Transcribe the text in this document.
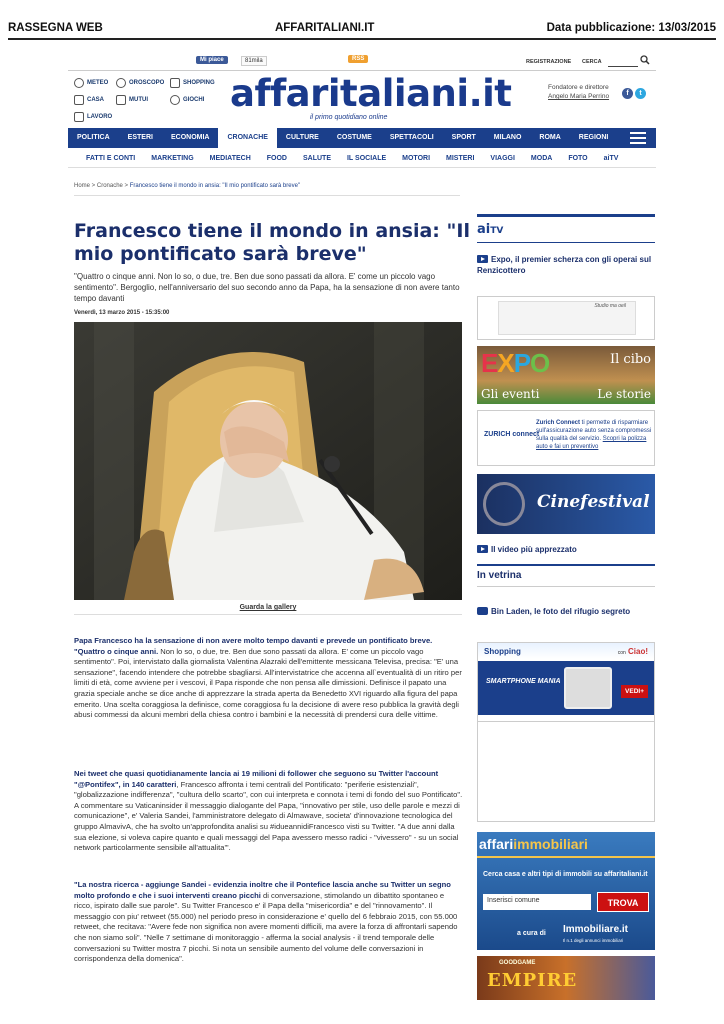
RASSEGNA WEB	AFFARITALIANI.IT	Data pubblicazione: 13/03/2015
Mi piace	81mila	RSS	REGISTRAZIONE CERCA
METEO	OROSCOPO	SHOPPING
CASA	MUTUI	GIOCHI
LAVORO
affaritaliani.it
il primo quotidiano online
Fondatore e direttore
Angelo Maria Perrino	f	t
POLITICA	ESTERI	ECONOMIA	CRONACHE	CULTURE	COSTUME	SPETTACOLI	SPORT	MILANO	ROMA	REGIONI
FATTI E CONTI	MARKETING	MEDIATECH	FOOD	SALUTE	IL SOCIALE	MOTORI	MISTERI	VIAGGI	MODA	FOTO	aiTV
Home > Cronache > Francesco tiene il mondo in ansia: "Il mio pontificato sarà breve"
Francesco tiene il mondo in ansia: "Il mio pontificato sarà breve"

"Quattro o cinque anni. Non lo so, o due, tre. Ben due sono passati da allora. E' come un piccolo vago sentimento". Bergoglio, nell'anniversario del suo secondo anno da Papa, ha la sensazione di non avere tanto tempo davanti

Venerdì, 13 marzo 2015 - 15:35:00
Guarda la gallery
Papa Francesco ha la sensazione di non avere molto tempo davanti e prevede un pontificato breve. "Quattro o cinque anni. Non lo so, o due, tre. Ben due sono passati da allora. E' come un piccolo vago sentimento". Poi, intervistato dalla giornalista Valentina Alazraki dell'emittente messicana Televisa, precisa: "E' una sensazione", facendo intendere che potrebbe sbagliarsi. All'intervistatrice che accenna all`eventualità di un ritiro per limiti di età, come avviene per i vescovi, il Papa risponde che non pensa alle dimissioni. Definisce il papato una grazia speciale anche se dice anche di apprezzare la strada aperta da Benedetto XVI riguardo alla figura del papa emerito. Una scelta coraggiosa la definisce, come coraggiosa fu la decisione di avere reso pubblica la gravità degli abusi commessi da alcuni membri della chiesa contro i bambini e la necessità di prendersi cura delle vittime.
Nei tweet che quasi quotidianamente lancia ai 19 milioni di follower che seguono su Twitter l'account "@Pontifex", in 140 caratteri, Francesco affronta i temi centrali del Pontificato: "periferie esistenziali", "globalizzazione indifferenza", "cultura dello scarto", con cui interpreta e connota i temi di fondo del suo Pontificato". A commentare su Vaticaninsider il messaggio dialogante del Papa, "innovativo per stile, uso delle parole e mezzi di comunicazione", e' Valeria Sandei, l'amministratore delegato di Almawave, societa' d'innovazione tecnologica del gruppo AlmavivA, che ha svolto un'approfondita analisi su #idueannidiFrancesco visti su Twitter. "A due anni dalla sua elezione, si voleva capire quanto e quali messaggi del Papa avessero messo radici - "vivessero" - su un social network particolarmente sensibile all'attualita'".
"La nostra ricerca - aggiunge Sandei - evidenzia inoltre che il Pontefice lascia anche su Twitter un segno molto profondo e che i suoi interventi creano picchi di conversazione, stimolando un dibattito spontaneo e ricco, ispirato dalle sue parole". Su Twitter Francesco e' il Papa della "misericordia" e del "rinnovamento". Il messaggio con piu' retweet (55.000) nel periodo preso in considerazione e' quello del 6 febbraio 2015, con 55.000 retweet, che recitava: "Avere fede non significa non avere momenti difficili, ma avere la forza di affrontarli sapendo che non siamo soli". "Nelle 7 settimane di monitoraggio - afferma la social analysis - il trend temporale delle conversazioni su Twitter mostra 7 picchi. Si nota un sensibile aumento del volume delle conversazioni in corrispondenza della domenica".
aiTV
Expo, il premier scherza con gli operai sul Renzicottero
Studio ma oeil
EXPO	Il cibo
Gli eventi	Le storie
ZURICH connect
Zurich Connect ti permette di risparmiare sull'assicurazione auto senza compromessi sulla qualità del servizio. Scopri la polizza auto e fai un preventivo
Cinefestival
Il video più apprezzato
In vetrina
Bin Laden, le foto del rifugio segreto
Shopping	con Ciao!
SMARTPHONE MANIA
VEDI+
affariimmobiliari
Cerca casa e altri tipi di immobili su affaritaliani.it
Inserisci comune	TROVA
a cura di Immobiliare.it
Il n.1 degli annunci immobiliari
GOODGAME
EMPIRE
